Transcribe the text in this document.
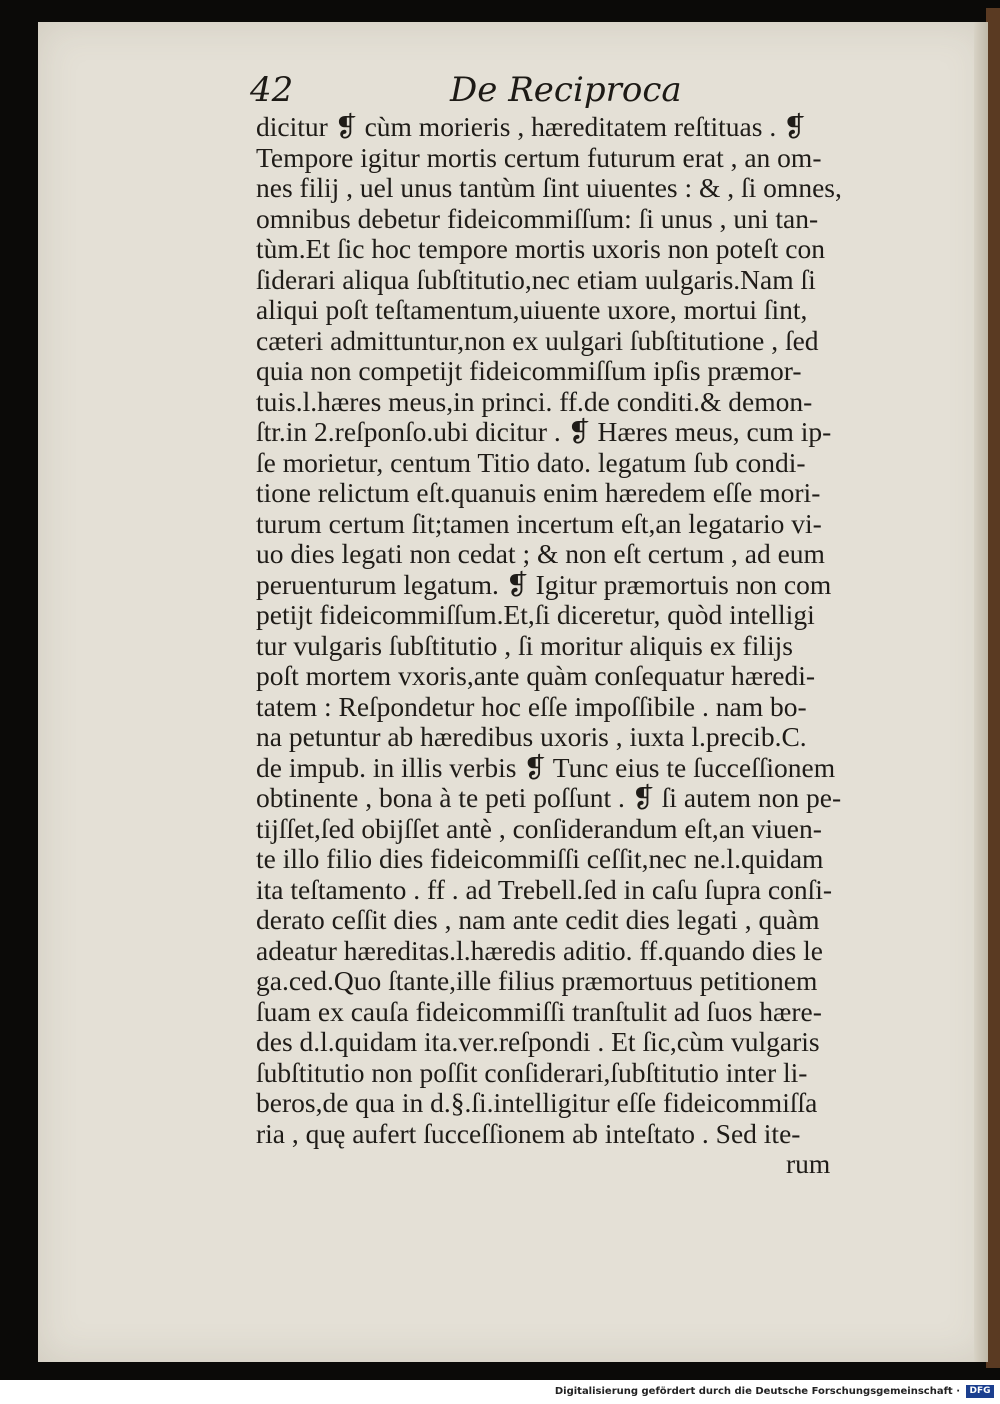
42	De Reciproca
dicitur ❡ cùm morieris , hæreditatem reſtituas . ❡
Tempore igitur mortis certum futurum erat , an om-
nes filij , uel unus tantùm ſint uiuentes : & , ſi omnes,
omnibus debetur fideicommiſſum: ſi unus , uni tan-
tùm.Et ſic hoc tempore mortis uxoris non poteſt con
ſiderari aliqua ſubſtitutio,nec etiam uulgaris.Nam ſi
aliqui poſt teſtamentum,uiuente uxore, mortui ſint,
cæteri admittuntur,non ex uulgari ſubſtitutione , ſed
quia non competijt fideicommiſſum ipſis præmor-
tuis.l.hæres meus,in princi. ff.de conditi.& demon-
ſtr.in 2.reſponſo.ubi dicitur . ❡ Hæres meus, cum ip-
ſe morietur, centum Titio dato. legatum ſub condi-
tione relictum eſt.quanuis enim hæredem eſſe mori-
turum certum ſit;tamen incertum eſt,an legatario vi-
uo dies legati non cedat ; & non eſt certum , ad eum
peruenturum legatum. ❡ Igitur præmortuis non com
petijt fideicommiſſum.Et,ſi diceretur, quòd intelligi
tur vulgaris ſubſtitutio , ſi moritur aliquis ex filijs
poſt mortem vxoris,ante quàm conſequatur hæredi-
tatem : Reſpondetur hoc eſſe impoſſibile . nam bo-
na petuntur ab hæredibus uxoris , iuxta l.precib.C.
de impub. in illis verbis ❡ Tunc eius te ſucceſſionem
obtinente , bona à te peti poſſunt . ❡ ſi autem non pe-
tijſſet,ſed obijſſet antè , conſiderandum eſt,an viuen-
te illo filio dies fideicommiſſi ceſſit,nec ne.l.quidam
ita teſtamento . ff . ad Trebell.ſed in caſu ſupra conſi-
derato ceſſit dies , nam ante cedit dies legati , quàm
adeatur hæreditas.l.hæredis aditio. ff.quando dies le
ga.ced.Quo ſtante,ille filius præmortuus petitionem
ſuam ex cauſa fideicommiſſi tranſtulit ad ſuos hære-
des d.l.quidam ita.ver.reſpondi . Et ſic,cùm vulgaris
ſubſtitutio non poſſit conſiderari,ſubſtitutio inter li-
beros,de qua in d.§.ſi.intelligitur eſſe fideicommiſſa
ria , quę aufert ſucceſſionem ab inteſtato . Sed ite-
rum
Digitalisierung gefördert durch die Deutsche Forschungsgemeinschaft ·	DFG
